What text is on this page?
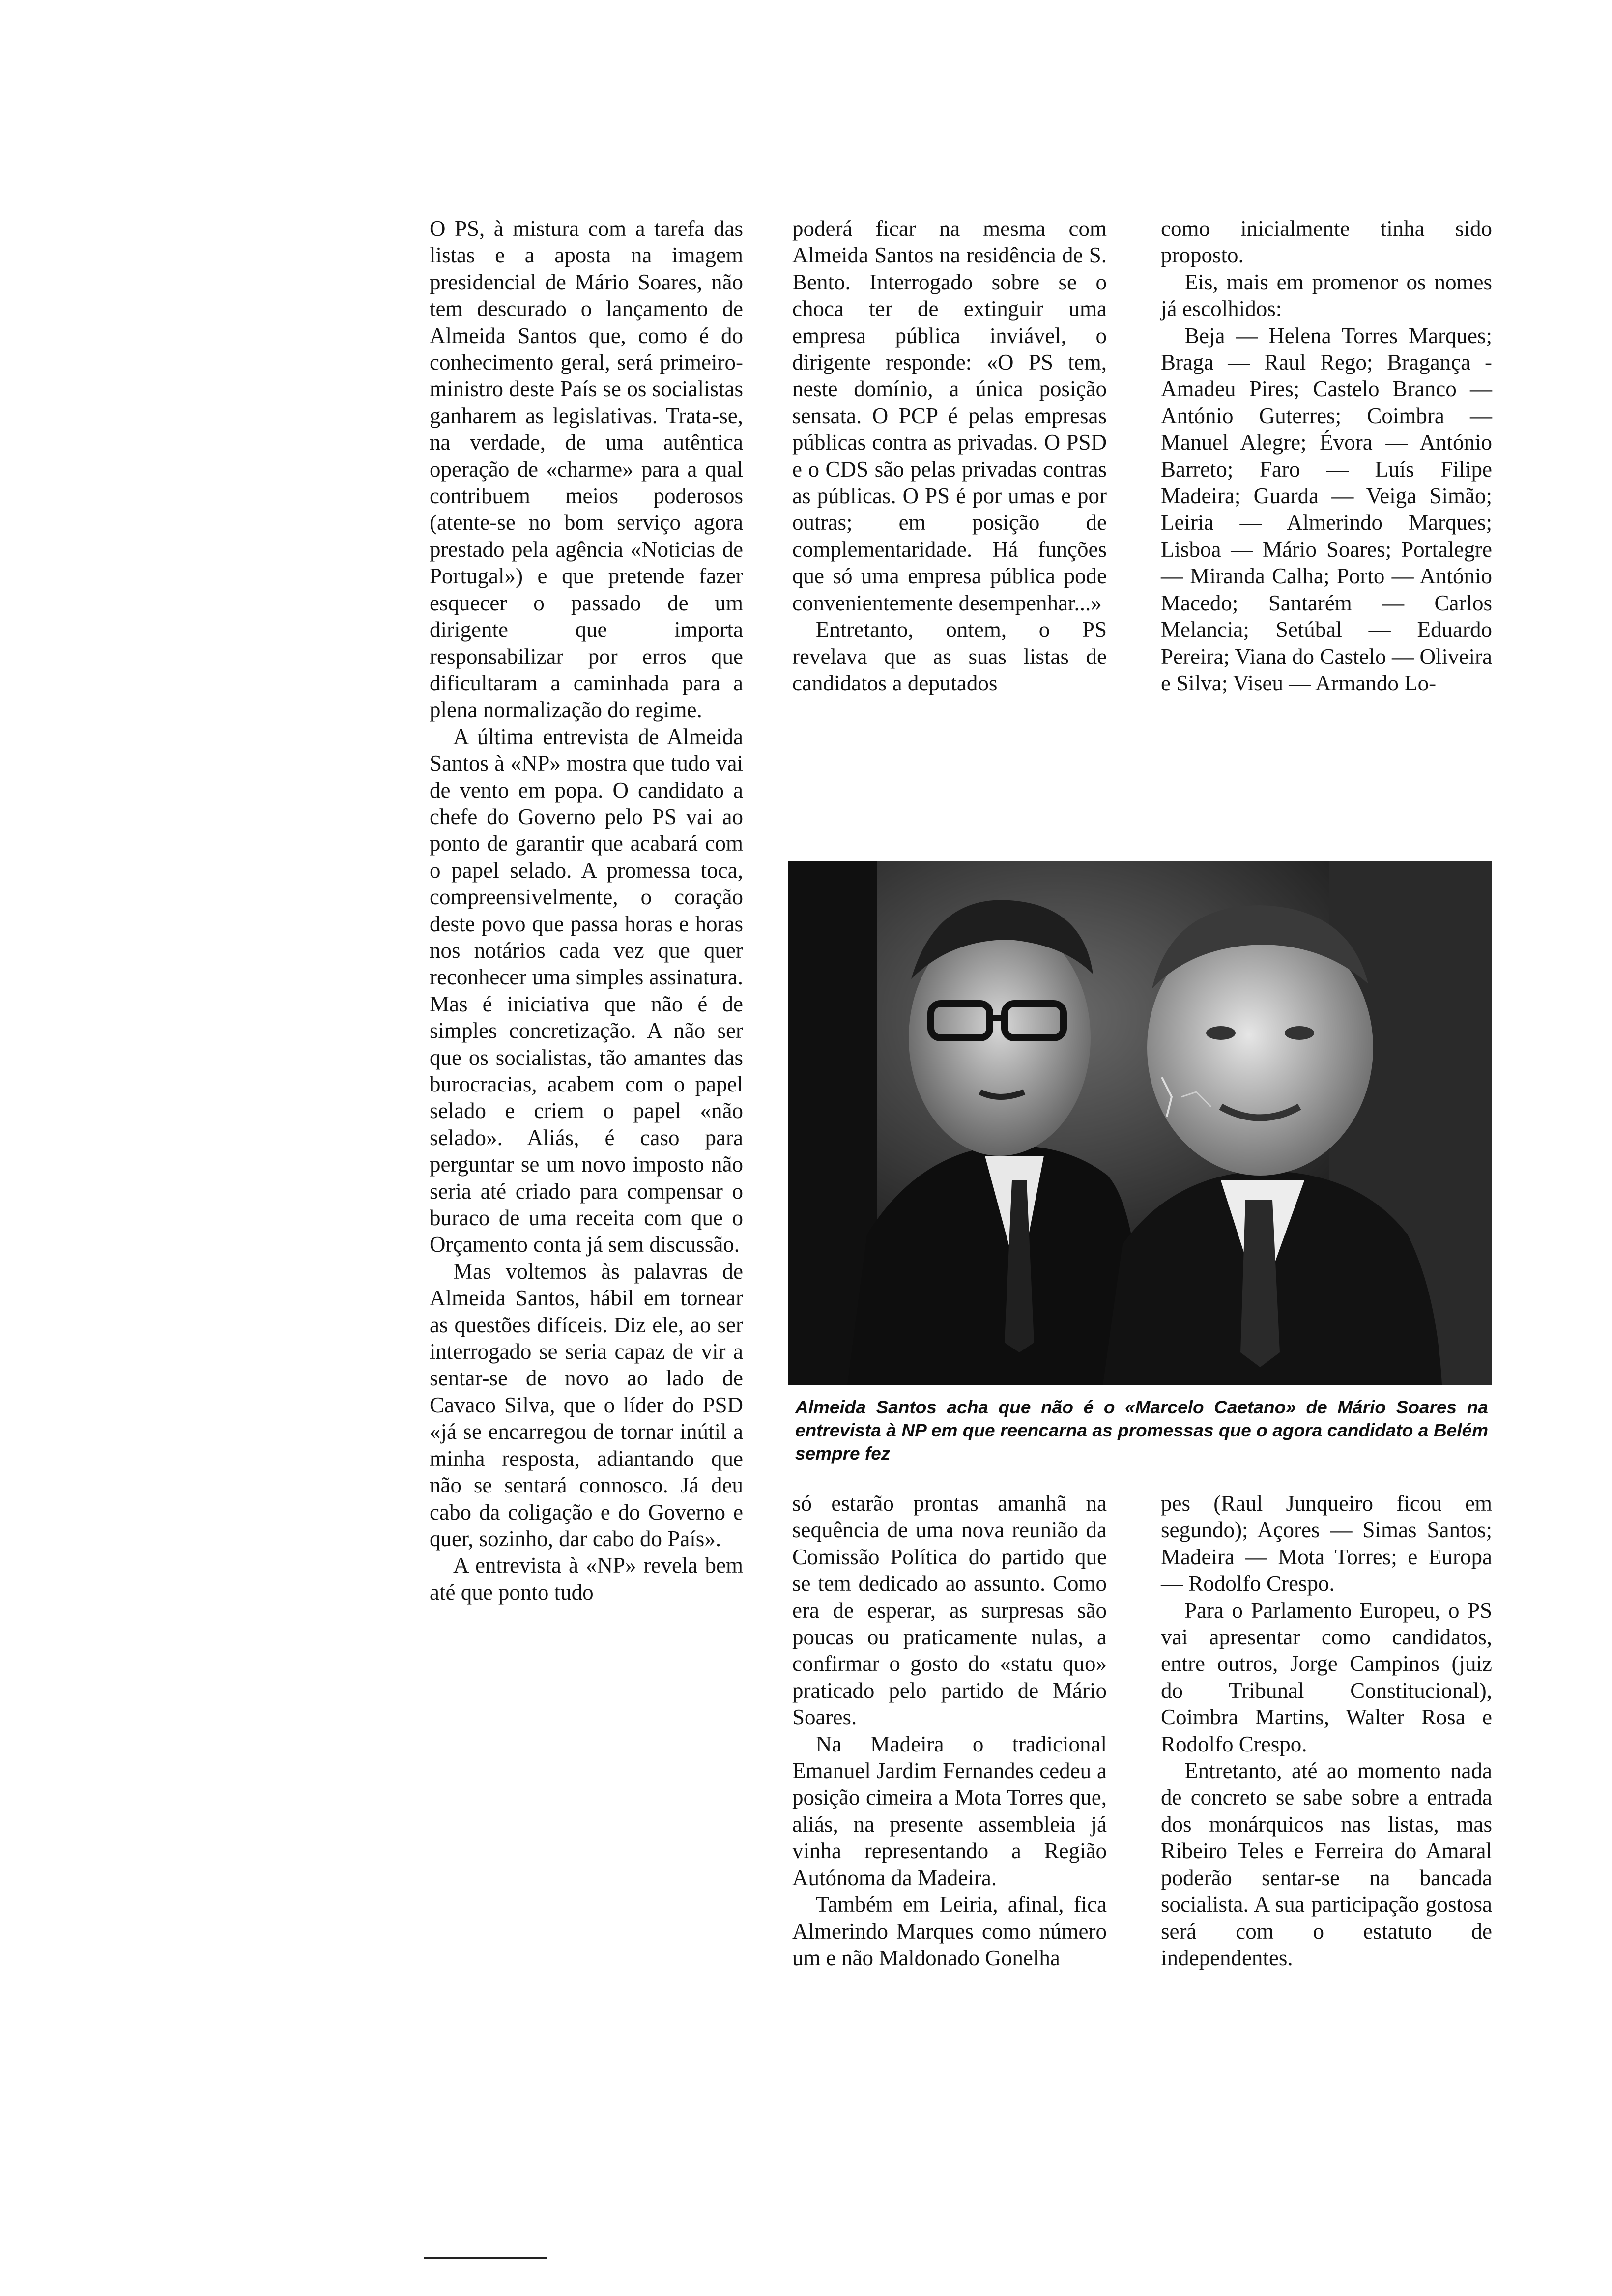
O PS, à mistura com a tarefa das listas e a aposta na imagem presidencial de Mário Soares, não tem descurado o lançamento de Almeida Santos que, como é do conhecimento geral, será primeiro-ministro deste País se os socialistas ganharem as legislativas. Trata-se, na verdade, de uma autêntica operação de «charme» para a qual contribuem meios poderosos (atente-se no bom serviço agora prestado pela agência «Noticias de Portugal») e que pretende fazer esquecer o passado de um dirigente que importa responsabilizar por erros que dificultaram a caminhada para a plena normalização do regime.

A última entrevista de Almeida Santos à «NP» mostra que tudo vai de vento em popa. O candidato a chefe do Governo pelo PS vai ao ponto de garantir que acabará com o papel selado. A promessa toca, compreensivelmente, o coração deste povo que passa horas e horas nos notários cada vez que quer reconhecer uma simples assinatura. Mas é iniciativa que não é de simples concretização. A não ser que os socialistas, tão amantes das burocracias, acabem com o papel selado e criem o papel «não selado». Aliás, é caso para perguntar se um novo imposto não seria até criado para compensar o buraco de uma receita com que o Orçamento conta já sem discussão.

Mas voltemos às palavras de Almeida Santos, hábil em tornear as questões difíceis. Diz ele, ao ser interrogado se seria capaz de vir a sentar-se de novo ao lado de Cavaco Silva, que o líder do PSD «já se encarregou de tornar inútil a minha resposta, adiantando que não se sentará connosco. Já deu cabo da coligação e do Governo e quer, sozinho, dar cabo do País».

A entrevista à «NP» revela bem até que ponto tudo

poderá ficar na mesma com Almeida Santos na residência de S. Bento. Interrogado sobre se o choca ter de extinguir uma empresa pública inviável, o dirigente responde: «O PS tem, neste domínio, a única posição sensata. O PCP é pelas empresas públicas contra as privadas. O PSD e o CDS são pelas privadas contras as públicas. O PS é por umas e por outras; em posição de complementaridade. Há funções que só uma empresa pública pode convenientemente desempenhar...»

Entretanto, ontem, o PS revelava que as suas listas de candidatos a deputados

como inicialmente tinha sido proposto.

Eis, mais em promenor os nomes já escolhidos:

Beja — Helena Torres Marques; Braga — Raul Rego; Bragança - Amadeu Pires; Castelo Branco — António Guterres; Coimbra — Manuel Alegre; Évora — António Barreto; Faro — Luís Filipe Madeira; Guarda — Veiga Simão; Leiria — Almerindo Marques; Lisboa — Mário Soares; Portalegre — Miranda Calha; Porto — António Macedo; Santarém — Carlos Melancia; Setúbal — Eduardo Pereira; Viana do Castelo — Oliveira e Silva; Viseu — Armando Lo-

Almeida Santos acha que não é o «Marcelo Caetano» de Mário Soares na entrevista à NP em que reencarna as promessas que o agora candidato a Belém sempre fez

só estarão prontas amanhã na sequência de uma nova reunião da Comissão Política do partido que se tem dedicado ao assunto. Como era de esperar, as surpresas são poucas ou praticamente nulas, a confirmar o gosto do «statu quo» praticado pelo partido de Mário Soares.

Na Madeira o tradicional Emanuel Jardim Fernandes cedeu a posição cimeira a Mota Torres que, aliás, na presente assembleia já vinha representando a Região Autónoma da Madeira.

Também em Leiria, afinal, fica Almerindo Marques como número um e não Maldonado Gonelha

pes (Raul Junqueiro ficou em segundo); Açores — Simas Santos; Madeira — Mota Torres; e Europa — Rodolfo Crespo.

Para o Parlamento Europeu, o PS vai apresentar como candidatos, entre outros, Jorge Campinos (juiz do Tribunal Constitucional), Coimbra Martins, Walter Rosa e Rodolfo Crespo.

Entretanto, até ao momento nada de concreto se sabe sobre a entrada dos monárquicos nas listas, mas Ribeiro Teles e Ferreira do Amaral poderão sentar-se na bancada socialista. A sua participação gostosa será com o estatuto de independentes.
